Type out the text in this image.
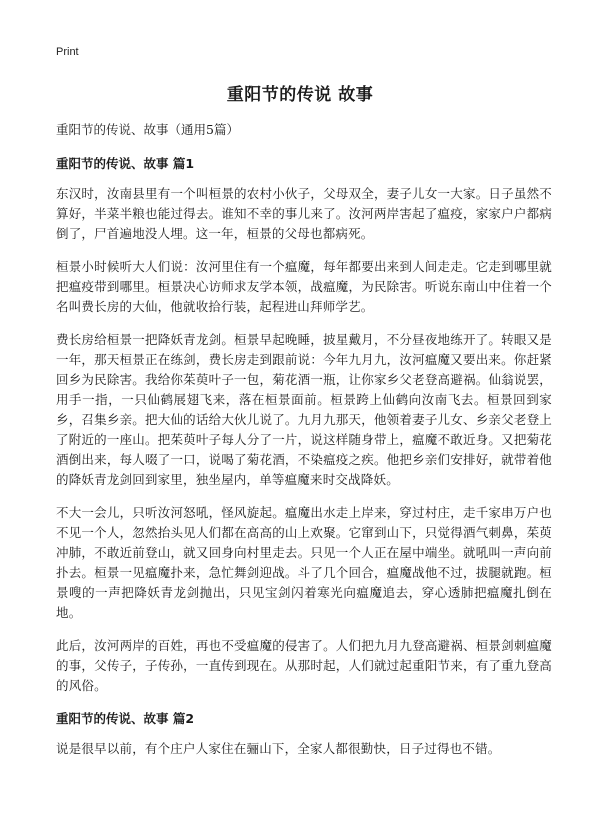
Print
重阳节的传说 故事
重阳节的传说、故事（通用5篇）
重阳节的传说、故事 篇1

东汉时，汝南县里有一个叫桓景的农村小伙子，父母双全，妻子儿女一大家。日子虽然不算好，半菜半粮也能过得去。谁知不幸的事儿来了。汝河两岸害起了瘟疫，家家户户都病倒了，尸首遍地没人埋。这一年，桓景的父母也都病死。

桓景小时候听大人们说：汝河里住有一个瘟魔，每年都要出来到人间走走。它走到哪里就把瘟疫带到哪里。桓景决心访师求友学本领，战瘟魔，为民除害。听说东南山中住着一个名叫费长房的大仙，他就收拾行装，起程进山拜师学艺。

费长房给桓景一把降妖青龙剑。桓景早起晚睡，披星戴月，不分昼夜地练开了。转眼又是一年，那天桓景正在练剑，费长房走到跟前说：今年九月九，汝河瘟魔又要出来。你赶紧回乡为民除害。我给你茱萸叶子一包，菊花酒一瓶，让你家乡父老登高避祸。仙翁说罢，用手一指，一只仙鹤展翅飞来，落在桓景面前。桓景跨上仙鹤向汝南飞去。桓景回到家乡，召集乡亲。把大仙的话给大伙儿说了。九月九那天，他领着妻子儿女、乡亲父老登上了附近的一座山。把茱萸叶子每人分了一片，说这样随身带上，瘟魔不敢近身。又把菊花酒倒出来，每人啜了一口，说喝了菊花酒，不染瘟疫之疾。他把乡亲们安排好，就带着他的降妖青龙剑回到家里，独坐屋内，单等瘟魔来时交战降妖。

不大一会儿，只听汝河怒吼，怪风旋起。瘟魔出水走上岸来，穿过村庄，走千家串万户也不见一个人，忽然抬头见人们都在高高的山上欢聚。它窜到山下，只觉得酒气刺鼻，茱萸冲肺，不敢近前登山，就又回身向村里走去。只见一个人正在屋中端坐。就吼叫一声向前扑去。桓景一见瘟魔扑来，急忙舞剑迎战。斗了几个回合，瘟魔战他不过，拔腿就跑。桓景嗖的一声把降妖青龙剑抛出，只见宝剑闪着寒光向瘟魔追去，穿心透肺把瘟魔扎倒在地。

此后，汝河两岸的百姓，再也不受瘟魔的侵害了。人们把九月九登高避祸、桓景剑刺瘟魔的事，父传子，子传孙，一直传到现在。从那时起，人们就过起重阳节来，有了重九登高的风俗。

重阳节的传说、故事 篇2

说是很早以前，有个庄户人家住在骊山下，全家人都很勤快，日子过得也不错。
